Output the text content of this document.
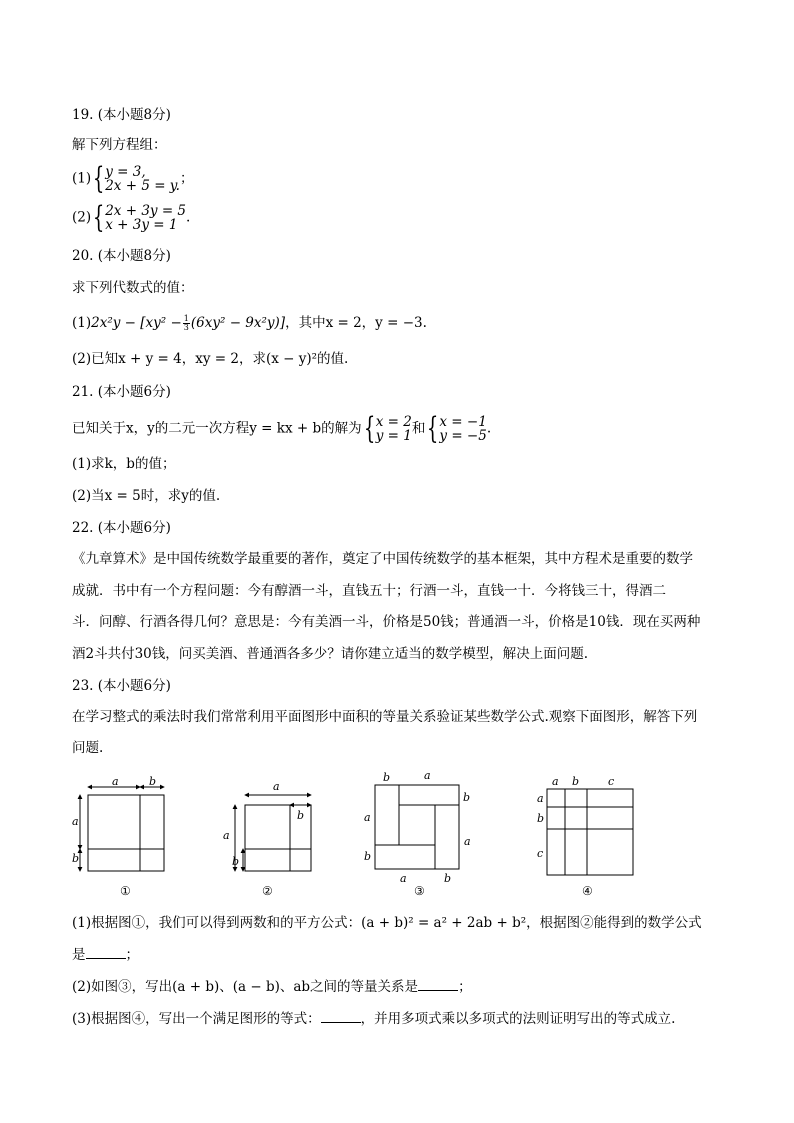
19. (本小题8分)
解下列方程组：
(1){ y = 3,
2x + 5 = y. ；
(2){ 2x + 3y = 5
x + 3y = 1 .
20. (本小题8分)
求下列代数式的值：
$(1)2x^2y - [xy^2 - \frac{1}{3} (6xy^2 - 9x^2y)]$，其中x = 2，y = −3.
(2)已知x + y = 4，xy = 2，求(x − y)²的值.
21. (本小题6分)
已知关于x，y的二元一次方程y = kx + b的解为{ x = 2
y = 1 和{ x = −1
y = −5 .
(1)求k，b的值；
(2)当x = 5时，求y的值.
22. (本小题6分)
《九章算术》是中国传统数学最重要的著作，奠定了中国传统数学的基本框架，其中方程术是重要的数学
成就．书中有一个方程问题：今有醇酒一斗，直钱五十；行酒一斗，直钱一十．今将钱三十，得酒二
斗．问醇、行酒各得几何？意思是：今有美酒一斗，价格是50钱；普通酒一斗，价格是10钱．现在买两种
酒2斗共付30钱，问买美酒、普通酒各多少？请你建立适当的数学模型，解决上面问题.
23. (本小题6分)
在学习整式的乘法时我们常常利用平面图形中面积的等量关系验证某些数学公式.观察下面图形，解答下列
问题.
a	b
a
b
①
a
b
a
b
②
b	a
b
a
a
b
a	b
③
a b	c
a
b
c
④
(1)根据图①，我们可以得到两数和的平方公式：(a + b)² = a² + 2ab + b²，根据图②能得到的数学公式
是	；
(2)如图③，写出(a + b)、(a − b)、ab之间的等量关系是	；
(3)根据图④，写出一个满足图形的等式：	，并用多项式乘以多项式的法则证明写出的等式成立.
